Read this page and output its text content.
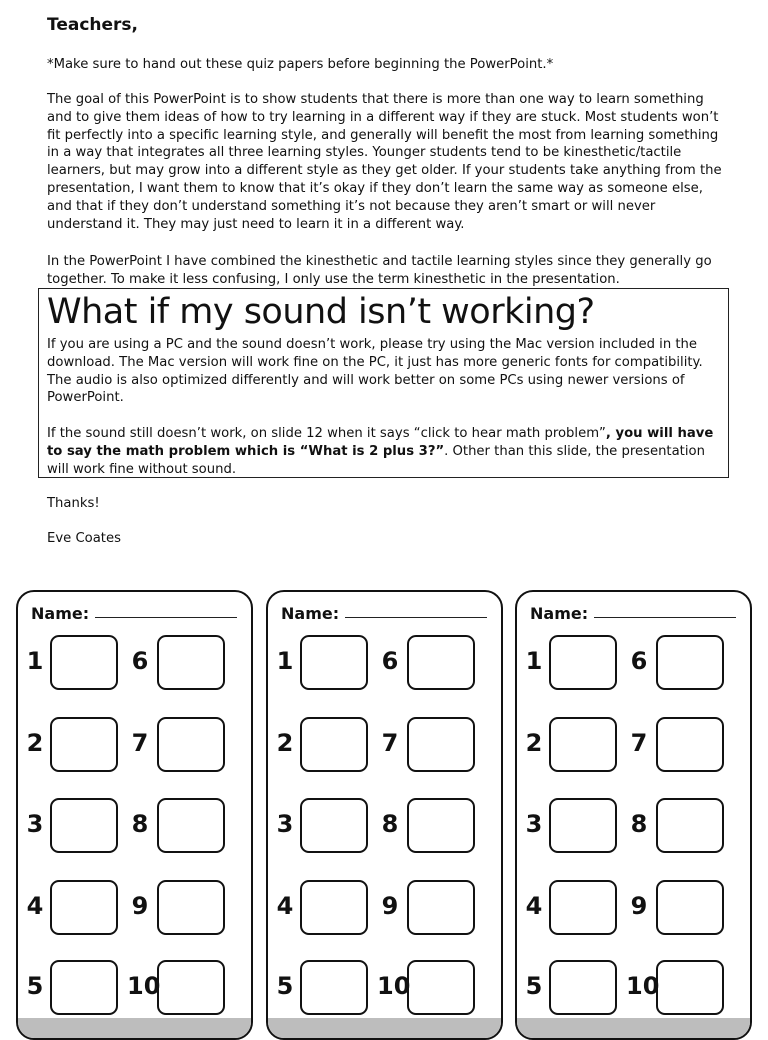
Teachers,

*Make sure to hand out these quiz papers before beginning the PowerPoint.*

The goal of this PowerPoint is to show students that there is more than one way to learn something and to give them ideas of how to try learning in a different way if they are stuck. Most students won’t fit perfectly into a specific learning style, and generally will benefit the most from learning something in a way that integrates all three learning styles. Younger students tend to be kinesthetic/tactile learners, but may grow into a different style as they get older. If your students take anything from the presentation, I want them to know that it’s okay if they don’t learn the same way as someone else, and that if they don’t understand something it’s not because they aren’t smart or will never understand it. They may just need to learn it in a different way.

In the PowerPoint I have combined the kinesthetic and tactile learning styles since they generally go together. To make it less confusing, I only use the term kinesthetic in the presentation.

What if my sound isn’t working?

If you are using a PC and the sound doesn’t work, please try using the Mac version included in the download. The Mac version will work fine on the PC, it just has more generic fonts for compatibility. The audio is also optimized differently and will work better on some PCs using newer versions of PowerPoint.

If the sound still doesn’t work, on slide 12 when it says “click to hear math problem”, you will have to say the math problem which is “What is 2 plus 3?”. Other than this slide, the presentation will work fine without sound.

Thanks!
Eve Coates
Name:
1
2
3
4
5
6
7
8
9
10
Name:
1
2
3
4
5
6
7
8
9
10
Name:
1
2
3
4
5
6
7
8
9
10
